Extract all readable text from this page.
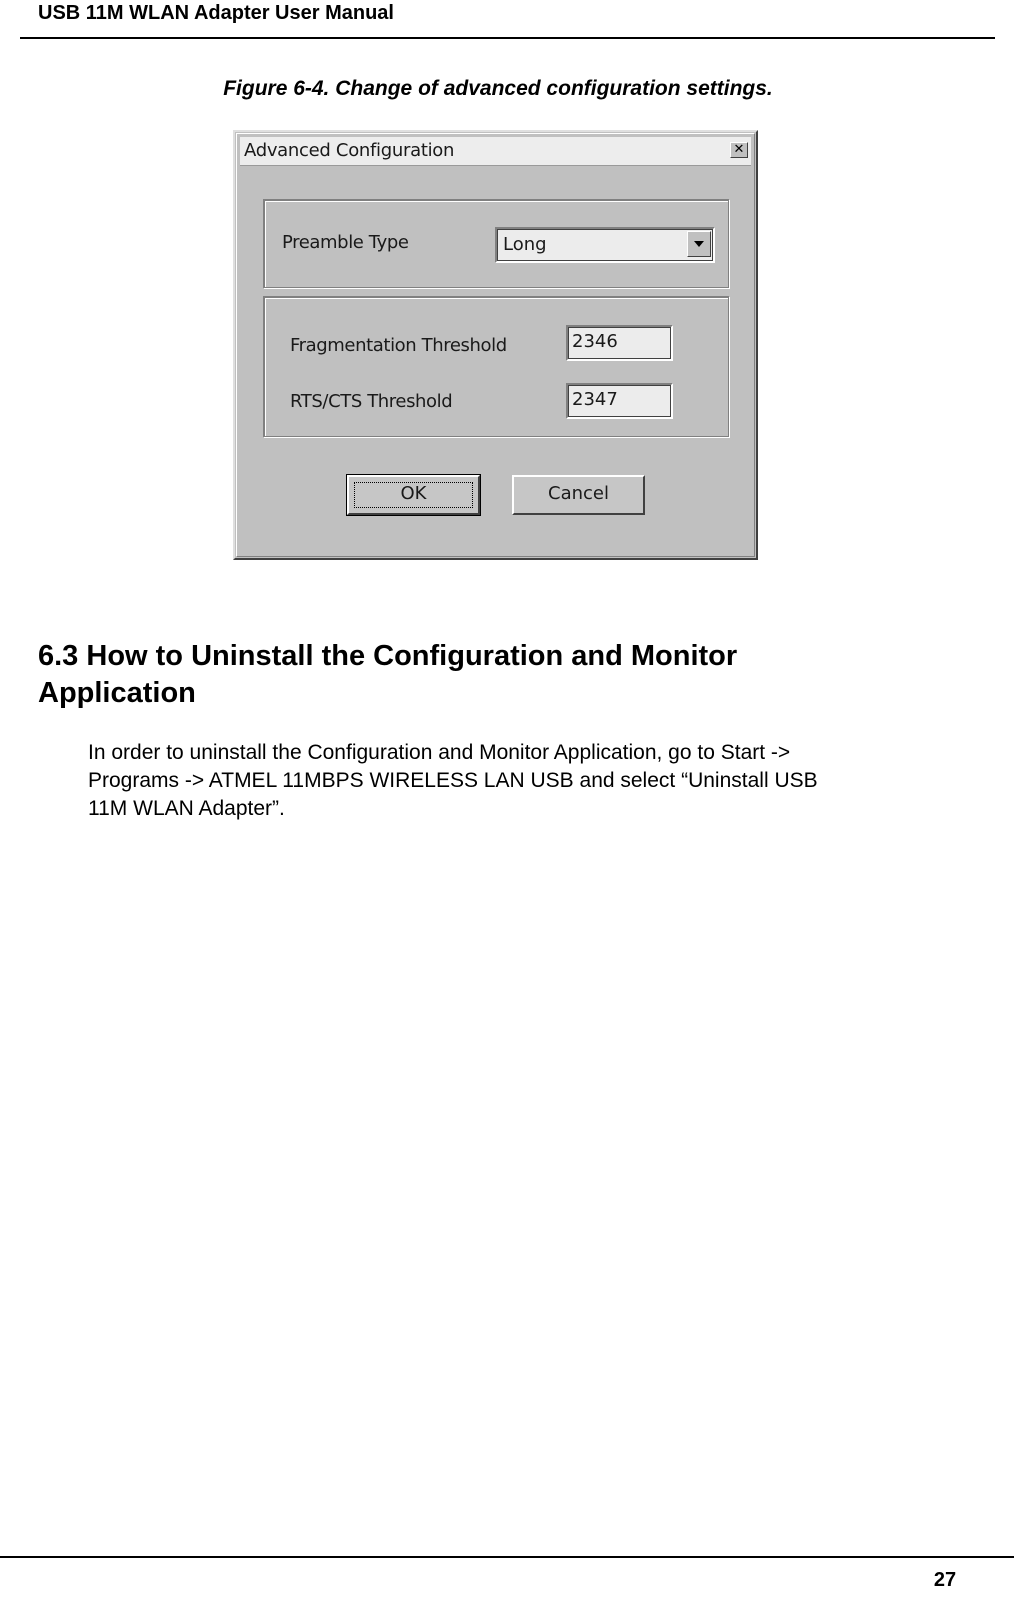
USB 11M WLAN Adapter User Manual
Figure 6-4. Change of advanced configuration settings.
Advanced Configuration	✕
Preamble Type	Long
Fragmentation Threshold	2346
RTS/CTS Threshold	2347
OK	Cancel
6.3 How to Uninstall the Configuration and Monitor
Application
In order to uninstall the Configuration and Monitor Application, go to Start ->
Programs -> ATMEL 11MBPS WIRELESS LAN USB and select “Uninstall USB
11M WLAN Adapter”.
27
